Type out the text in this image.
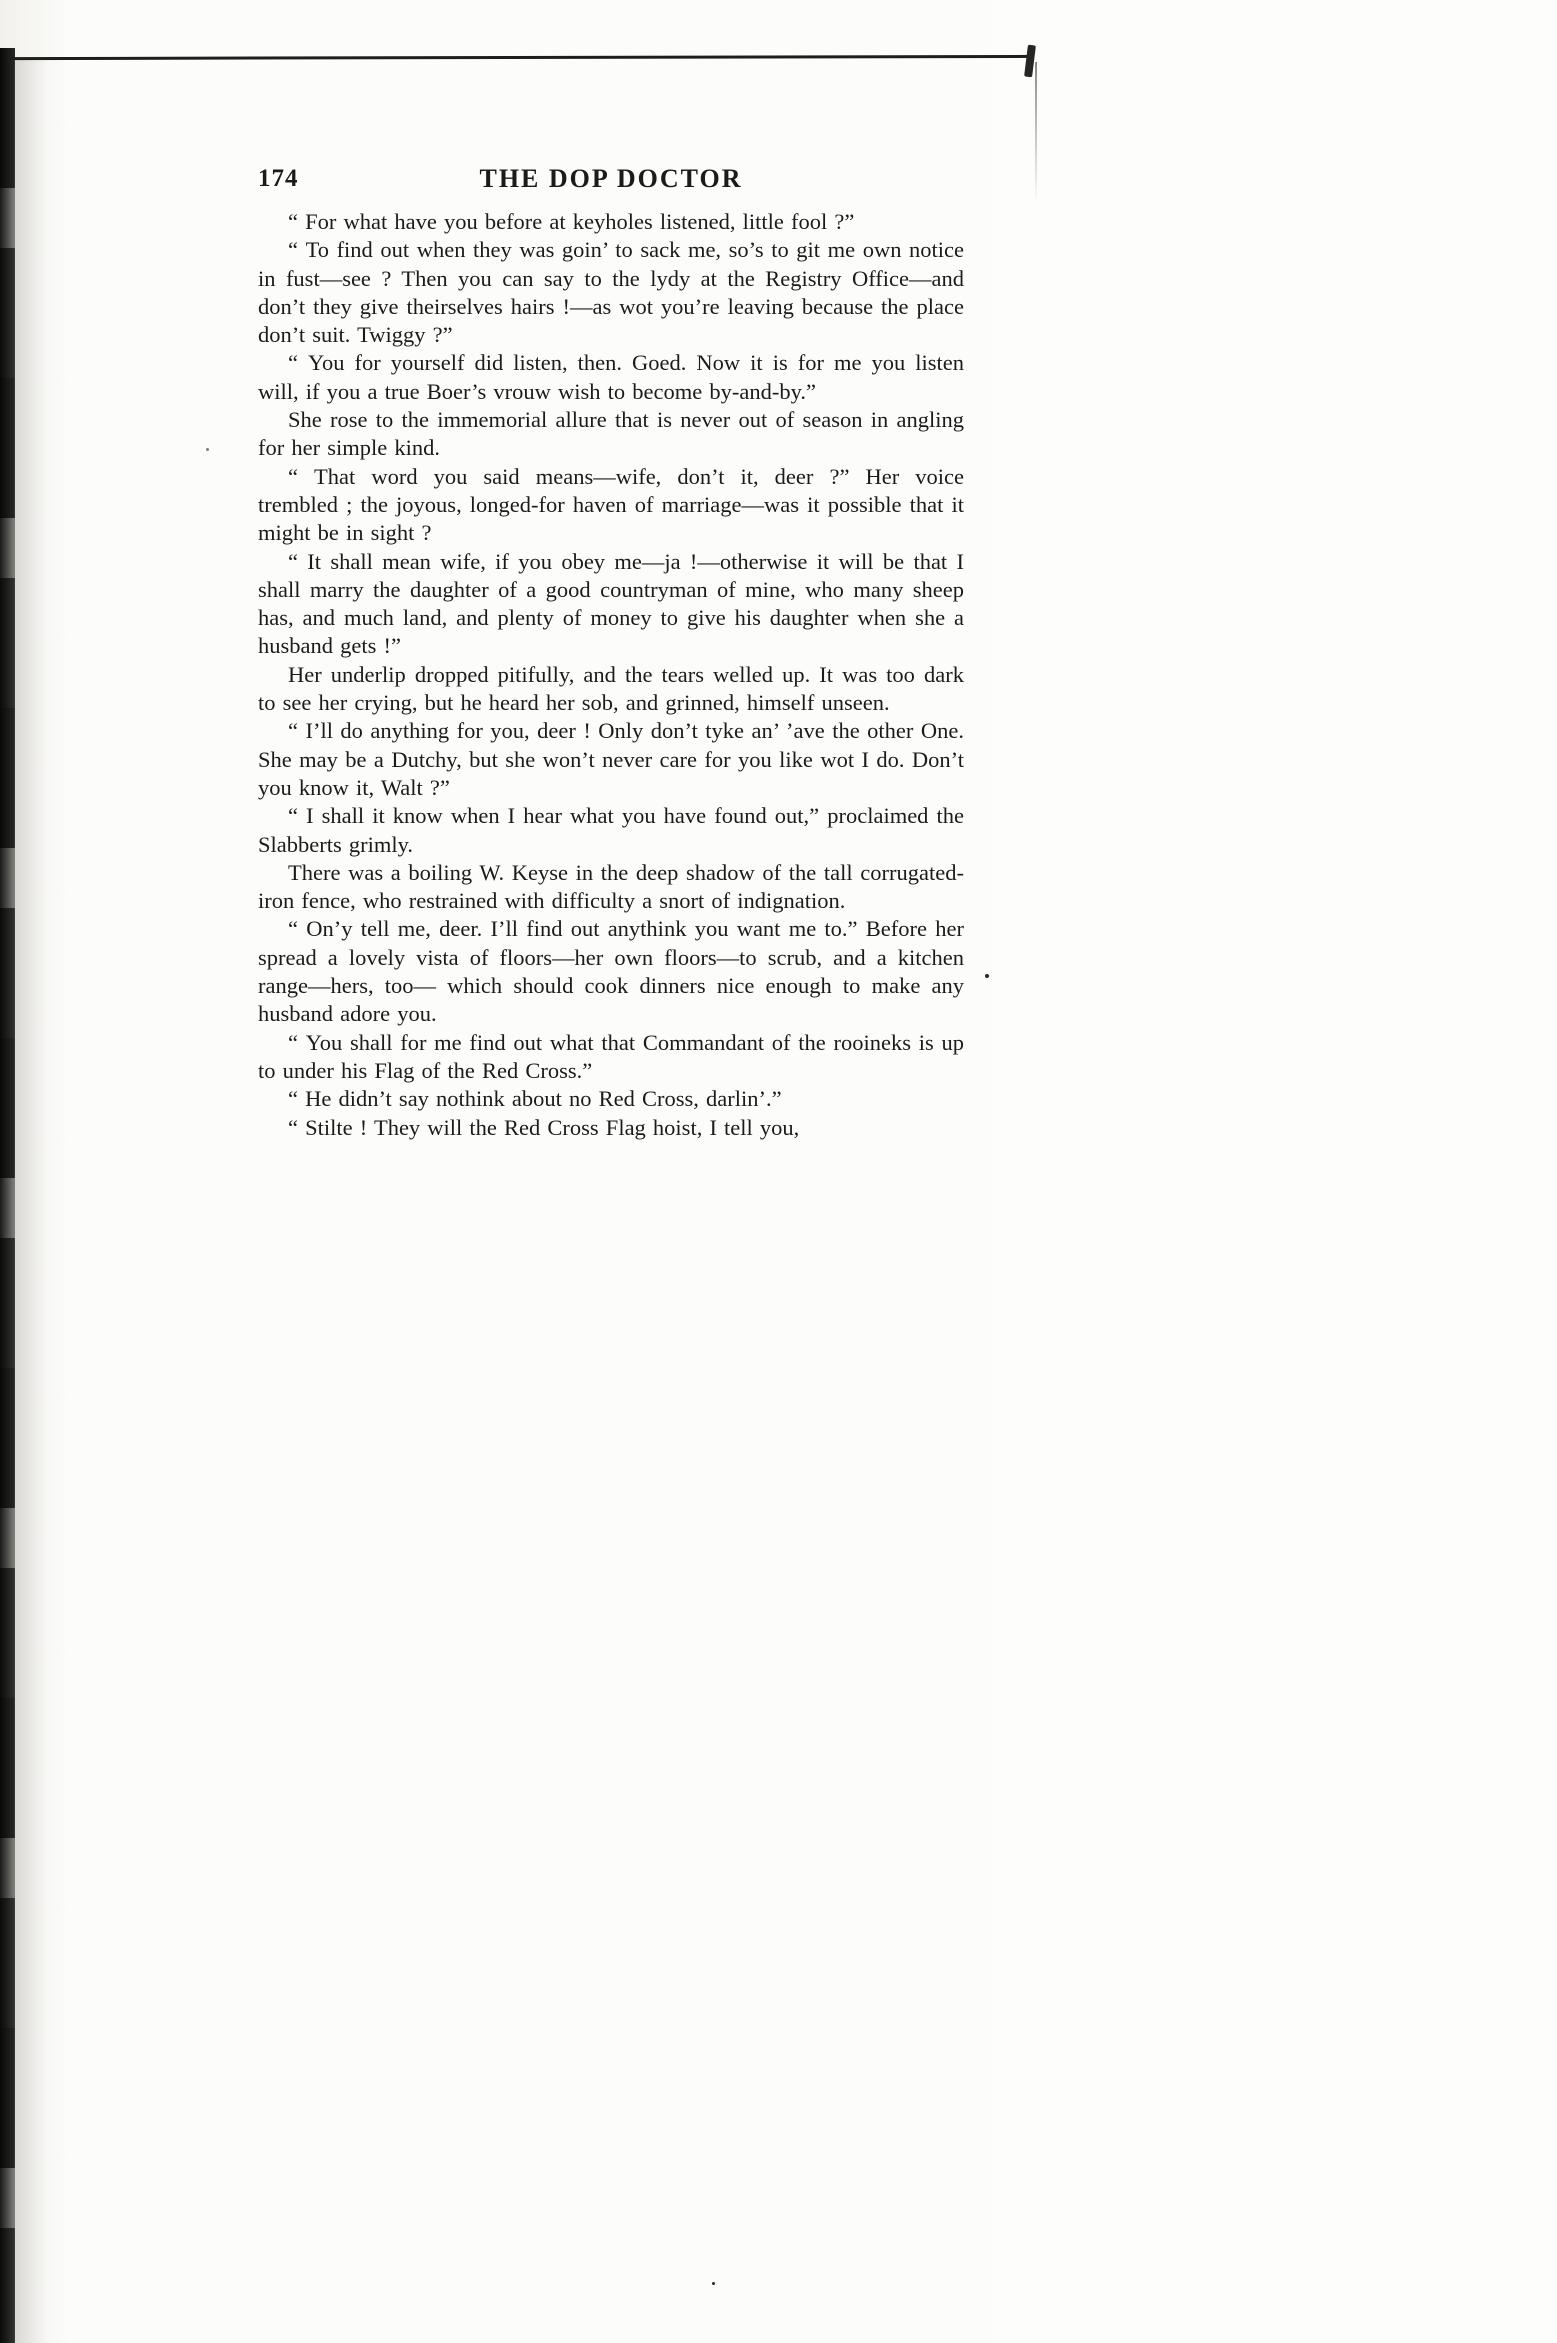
174	THE DOP DOCTOR

“ For what have you before at keyholes listened, little fool ?”

“ To find out when they was goin’ to sack me, so’s to git me own notice in fust—see ? Then you can say to the lydy at the Registry Office—and don’t they give theirselves hairs !—as wot you’re leaving because the place don’t suit. Twiggy ?”

“ You for yourself did listen, then. Goed. Now it is for me you listen will, if you a true Boer’s vrouw wish to become by-and-by.”

She rose to the immemorial allure that is never out of season in angling for her simple kind.

“ That word you said means—wife, don’t it, deer ?” Her voice trembled ; the joyous, longed-for haven of marriage—was it possible that it might be in sight ?

“ It shall mean wife, if you obey me—ja !—otherwise it will be that I shall marry the daughter of a good countryman of mine, who many sheep has, and much land, and plenty of money to give his daughter when she a husband gets !”

Her underlip dropped pitifully, and the tears welled up. It was too dark to see her crying, but he heard her sob, and grinned, himself unseen.

“ I’ll do anything for you, deer ! Only don’t tyke an’ ’ave the other One. She may be a Dutchy, but she won’t never care for you like wot I do. Don’t you know it, Walt ?”

“ I shall it know when I hear what you have found out,” proclaimed the Slabberts grimly.

There was a boiling W. Keyse in the deep shadow of the tall corrugated-iron fence, who restrained with difficulty a snort of indignation.

“ On’y tell me, deer. I’ll find out anythink you want me to.” Before her spread a lovely vista of floors—her own floors—to scrub, and a kitchen range—hers, too— which should cook dinners nice enough to make any husband adore you.

“ You shall for me find out what that Commandant of the rooineks is up to under his Flag of the Red Cross.”

“ He didn’t say nothink about no Red Cross, darlin’.”

“ Stilte ! They will the Red Cross Flag hoist, I tell you,
